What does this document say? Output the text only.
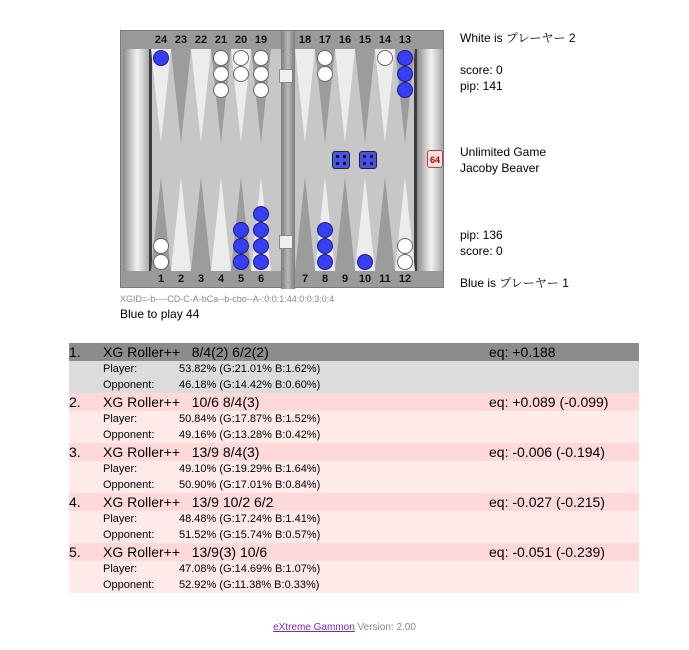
24
1
23
2
22
3
21
4
20
5
19
6
18
7
17
8
16
9
15
10
14
11
13
12
64
White is プレーヤー 2
score: 0
pip: 141
Unlimited Game
Jacoby Beaver
pip: 136
score: 0
Blue is プレーヤー 1
XGID=-b----CD-C-A-bCa--b-cbo--A-:0:0:1:44:0:0:3:0:4
Blue to play 44
1. XG Roller++ 8/4(2) 6/2(2)	eq: +0.188
Player:	53.82% (G:21.01% B:1.62%)
Opponent: 46.18% (G:14.42% B:0.60%)
2. XG Roller++ 10/6 8/4(3)	eq: +0.089 (-0.099)
Player:	50.84% (G:17.87% B:1.52%)
Opponent: 49.16% (G:13.28% B:0.42%)
3. XG Roller++ 13/9 8/4(3)	eq: -0.006 (-0.194)
Player:	49.10% (G:19.29% B:1.64%)
Opponent: 50.90% (G:17.01% B:0.84%)
4. XG Roller++ 13/9 10/2 6/2	eq: -0.027 (-0.215)
Player:	48.48% (G:17.24% B:1.41%)
Opponent: 51.52% (G:15.74% B:0.57%)
5. XG Roller++ 13/9(3) 10/6	eq: -0.051 (-0.239)
Player:	47.08% (G:14.69% B:1.07%)
Opponent: 52.92% (G:11.38% B:0.33%)
eXtreme Gammon Version: 2.00
